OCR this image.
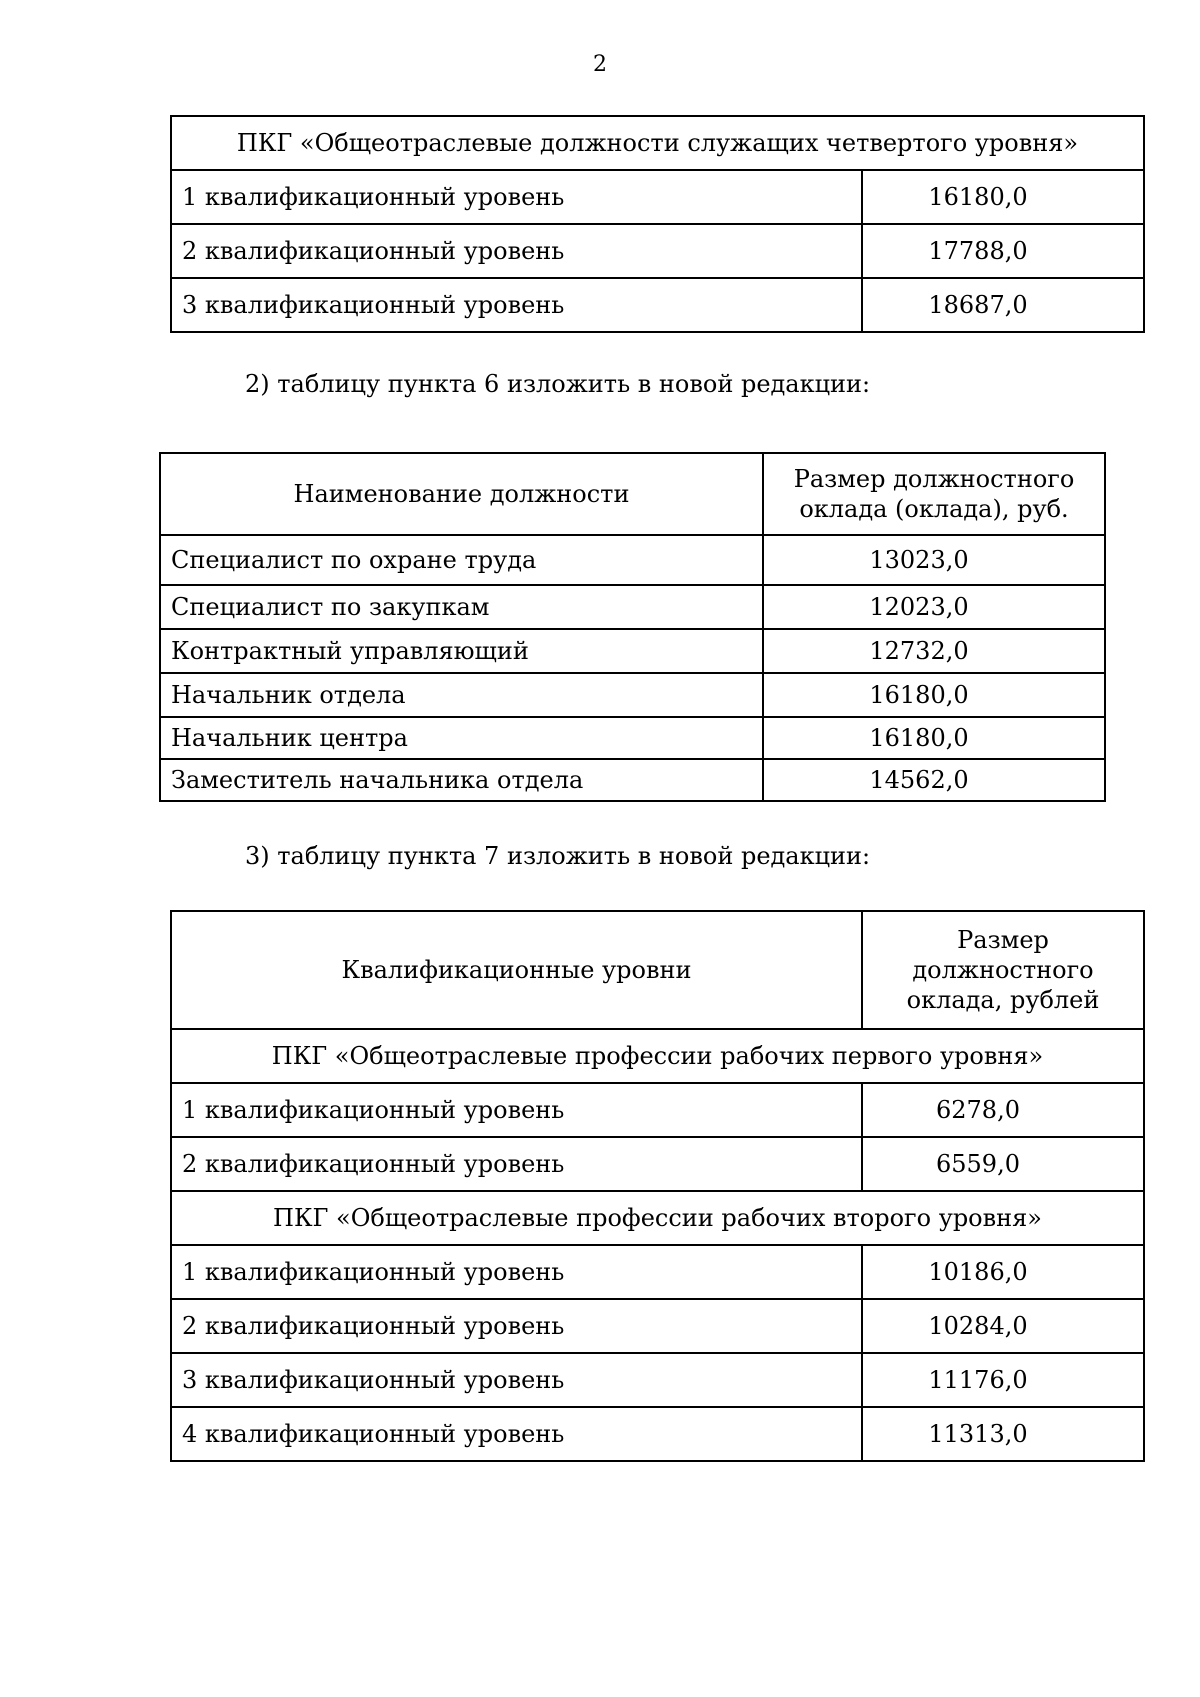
2
ПКГ «Общеотраслевые должности служащих четвертого уровня»	
1 квалификационный уровень	16180,0
2 квалификационный уровень	17788,0
3 квалификационный уровень	18687,0
2) таблицу пункта 6 изложить в новой редакции:
Наименование должности	Размер должностного
оклада (оклада), руб.

Специалист по охране труда	13023,0
Специалист по закупкам	12023,0
Контрактный управляющий	12732,0
Начальник отдела	16180,0
Начальник центра	16180,0
Заместитель начальника отдела	14562,0
3) таблицу пункта 7 изложить в новой редакции:
Квалификационные уровни	Размер
должностного
оклада, рублей

ПКГ «Общеотраслевые профессии рабочих первого уровня»	
1 квалификационный уровень	6278,0
2 квалификационный уровень	6559,0
ПКГ «Общеотраслевые профессии рабочих второго уровня»	
1 квалификационный уровень	10186,0
2 квалификационный уровень	10284,0
3 квалификационный уровень	11176,0
4 квалификационный уровень	11313,0
